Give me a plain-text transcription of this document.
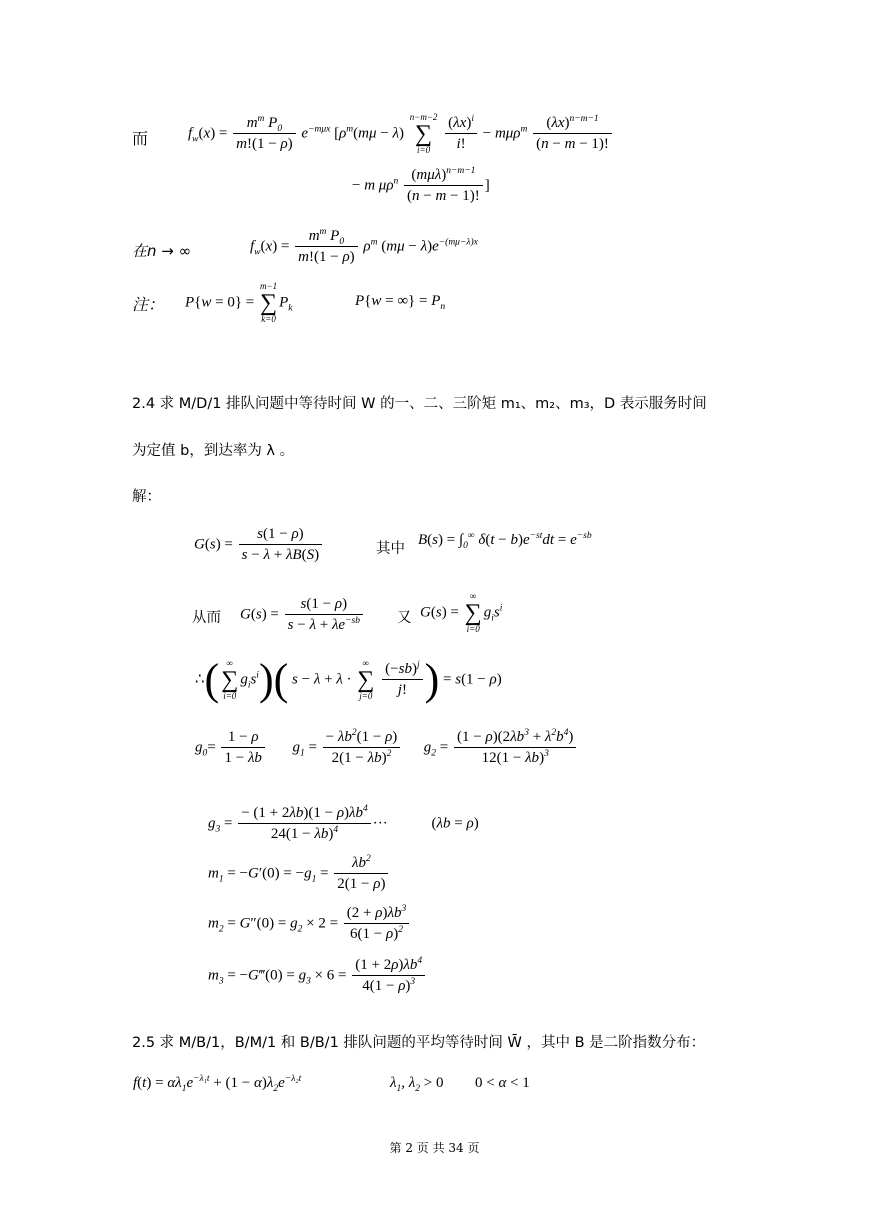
而	$f_w(x) = \frac{m^m P_0}{m!(1 - \rho)} e^{-m\mu x}$ [$\rho^m(m\mu - \lambda)$
n−m−2
∑
i=0
	$\frac{(\lambda x)^i}{i!} - m\mu\rho^m \frac{(\lambda x)^{n-m-1}}{(n - m - 1)!}$
− m $\mu\rho^n \frac{(m\mu\lambda)^{n-m-1}}{(n - m - 1)!}$ ]
在n → ∞	$f_w(x) = \frac{m^m P_0}{m!(1 - \rho)} \rho^m$ $(m\mu - \lambda)e^{-(m\mu-\lambda)x}$
注： P{w = 0} =
m−1
∑
k=0
$P_k$	P{w = ∞} = $P_n$
2.4 求 M/D/1 排队问题中等待时间 W 的一、二、三阶矩 m₁、m₂、m₃，D 表示服务时间
为定值 b，到达率为 λ 。
解：
$G(s) = \frac{s(1 - \rho)}{s - \lambda + \lambda B(S)}$	其中
$B(s) = \int_0^\infty$ $\delta(t - b)e^{-st}dt = e^{-sb}$
从而 $G(s) = \frac{s(1 - \rho)}{s - \lambda + \lambda e^{-sb}}$ 又 G(s) =
∞
∑
i=0
$g_is^i$
∴( ∞
∑
i=0
$g_is^i$)( s − λ + λ ·
∞
∑
j=0
$\frac{(-sb)^j}{j!}$ ) = s(1 − ρ)
$g_0= \frac{1 - \rho}{1 - \lambda b} g_1 = \frac{- \lambda b^2(1 - \rho)}{2(1 - \lambda b)^2} g_2 = \frac{(1 - \rho)(2\lambda b^3 + \lambda^2b^4)}{12(1 - \lambda b)^3}$
$g_3 = \frac{- (1 + 2\lambda b)(1 - \rho)\lambda b^4}{24(1 - \lambda b)^4}$ ···	(λb = ρ)
$m_1 = -G'(0) = -g_1 = \frac{\lambda b^2}{2(1 - \rho)}$
$m_2 = G''(0) = g_2 \times 2 = \frac{(2 + \rho)\lambda b^3}{6(1 - \rho)^2}$
$m_3$ = −G‴(0) = $g_3 \times 6 = \frac{(1 + 2\rho)\lambda b^4}{4(1 - \rho)^3}$
2.5 求 M/B/1，B/M/1 和 B/B/1 排队问题的平均等待时间 W̄ ，其中 B 是二阶指数分布：
$f(t) = \alpha\lambda_1e^{-\lambda_1t} + (1 - \alpha)\lambda_2e^{-\lambda_2t}$	$\lambda_1$, $\lambda_2 > 0$ 0 < α < 1
第 2 页 共 34 页
